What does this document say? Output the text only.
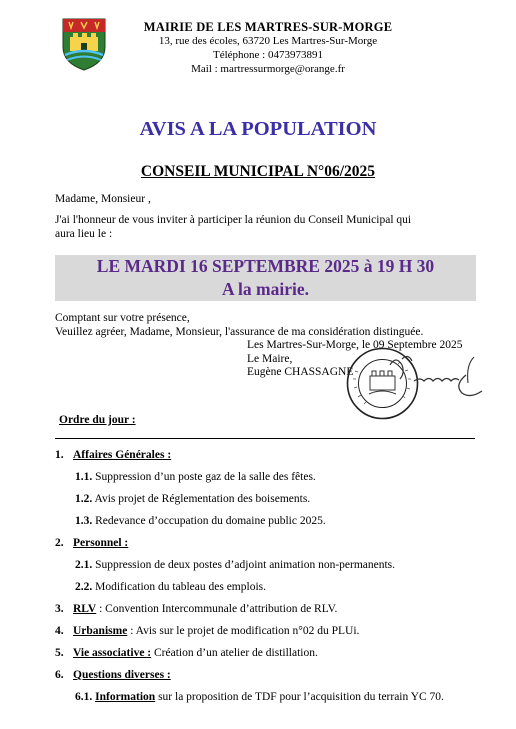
MAIRIE DE LES MARTRES-SUR-MORGE
13, rue des écoles, 63720 Les Martres-Sur-Morge
Téléphone : 0473973891
Mail : martressurmorge@orange.fr
AVIS A LA POPULATION
CONSEIL MUNICIPAL N°06/2025
Madame, Monsieur ,
J'ai l'honneur de vous inviter à participer la réunion du Conseil Municipal qui
aura lieu le :
LE MARDI 16 SEPTEMBRE 2025 à 19 H 30
A la mairie.
Comptant sur votre présence,
Veuillez agréer, Madame, Monsieur, l'assurance de ma considération distinguée.
Les Martres-Sur-Morge, le 09 Septembre 2025
Le Maire,
Eugène CHASSAGNE
Ordre du jour :
1. Affaires Générales :
1.1. Suppression d’un poste gaz de la salle des fêtes.
1.2. Avis projet de Réglementation des boisements.
1.3. Redevance d’occupation du domaine public 2025.
2. Personnel :
2.1. Suppression de deux postes d’adjoint animation non-permanents.
2.2. Modification du tableau des emplois.
3. RLV : Convention Intercommunale d’attribution de RLV.
4. Urbanisme : Avis sur le projet de modification n°02 du PLUi.
5. Vie associative : Création d’un atelier de distillation.
6. Questions diverses :
6.1. Information sur la proposition de TDF pour l’acquisition du terrain YC 70.
